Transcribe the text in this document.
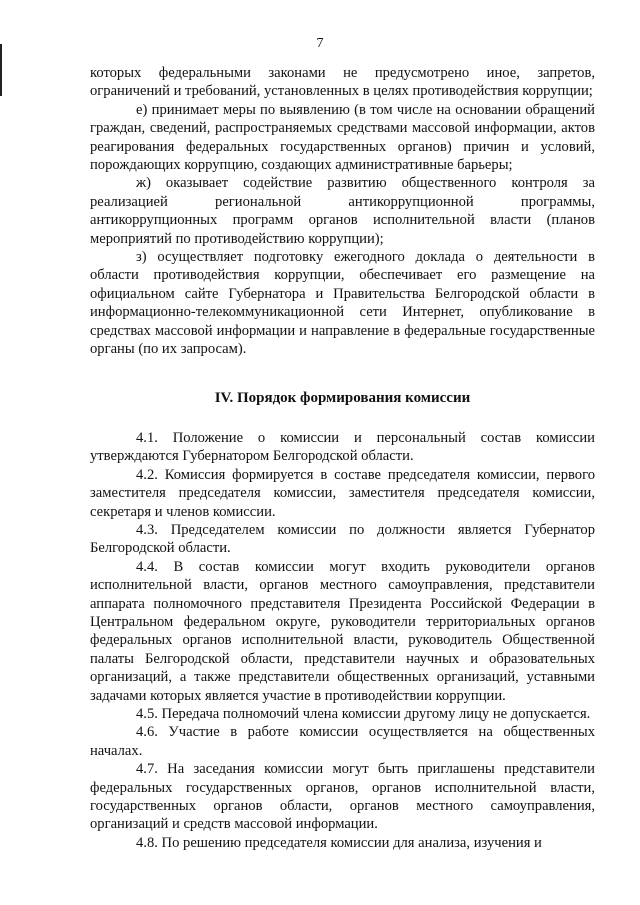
7

которых федеральными законами не предусмотрено иное, запретов, ограничений и требований, установленных в целях противодействия коррупции;

е) принимает меры по выявлению (в том числе на основании обращений граждан, сведений, распространяемых средствами массовой информации, актов реагирования федеральных государственных органов) причин и условий, порождающих коррупцию, создающих административные барьеры;

ж) оказывает содействие развитию общественного контроля за реализацией региональной антикоррупционной программы, антикоррупционных программ органов исполнительной власти (планов мероприятий по противодействию коррупции);

з) осуществляет подготовку ежегодного доклада о деятельности в области противодействия коррупции, обеспечивает его размещение на официальном сайте Губернатора и Правительства Белгородской области в информационно-телекоммуникационной сети Интернет, опубликование в средствах массовой информации и направление в федеральные государственные органы (по их запросам).

IV. Порядок формирования комиссии

4.1. Положение о комиссии и персональный состав комиссии утверждаются Губернатором Белгородской области.

4.2. Комиссия формируется в составе председателя комиссии, первого заместителя председателя комиссии, заместителя председателя комиссии, секретаря и членов комиссии.

4.3. Председателем комиссии по должности является Губернатор Белгородской области.

4.4. В состав комиссии могут входить руководители органов исполнительной власти, органов местного самоуправления, представители аппарата полномочного представителя Президента Российской Федерации в Центральном федеральном округе, руководители территориальных органов федеральных органов исполнительной власти, руководитель Общественной палаты Белгородской области, представители научных и образовательных организаций, а также представители общественных организаций, уставными задачами которых является участие в противодействии коррупции.

4.5. Передача полномочий члена комиссии другому лицу не допускается.

4.6. Участие в работе комиссии осуществляется на общественных началах.

4.7. На заседания комиссии могут быть приглашены представители федеральных государственных органов, органов исполнительной власти, государственных органов области, органов местного самоуправления, организаций и средств массовой информации.

4.8. По решению председателя комиссии для анализа, изучения и
